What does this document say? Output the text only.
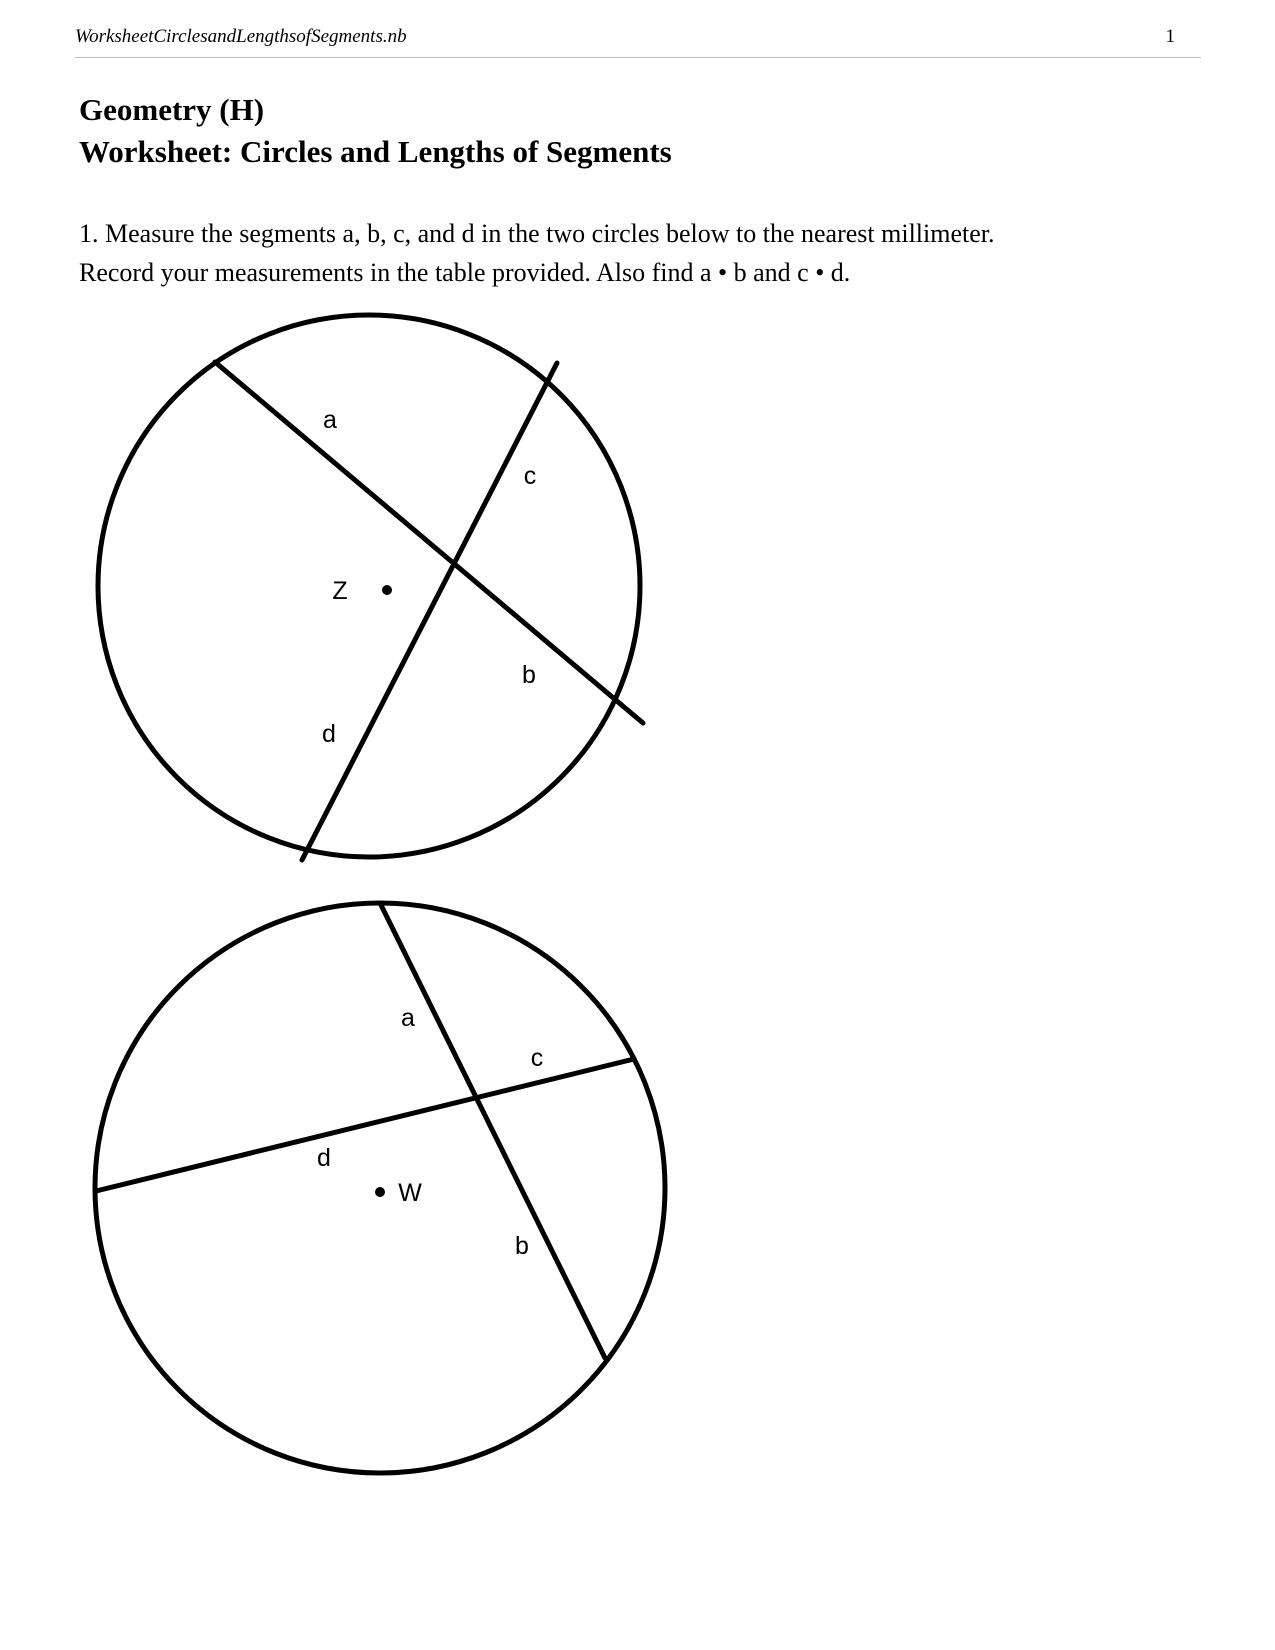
WorksheetCirclesandLengthsofSegments.nb	1
Geometry (H)
Worksheet: Circles and Lengths of Segments
1. Measure the segments a, b, c, and d in the two circles below to the nearest millimeter.
Record your measurements in the table provided. Also find a • b and c • d.
Z
a
c
b
d
W
a
c
d
b
